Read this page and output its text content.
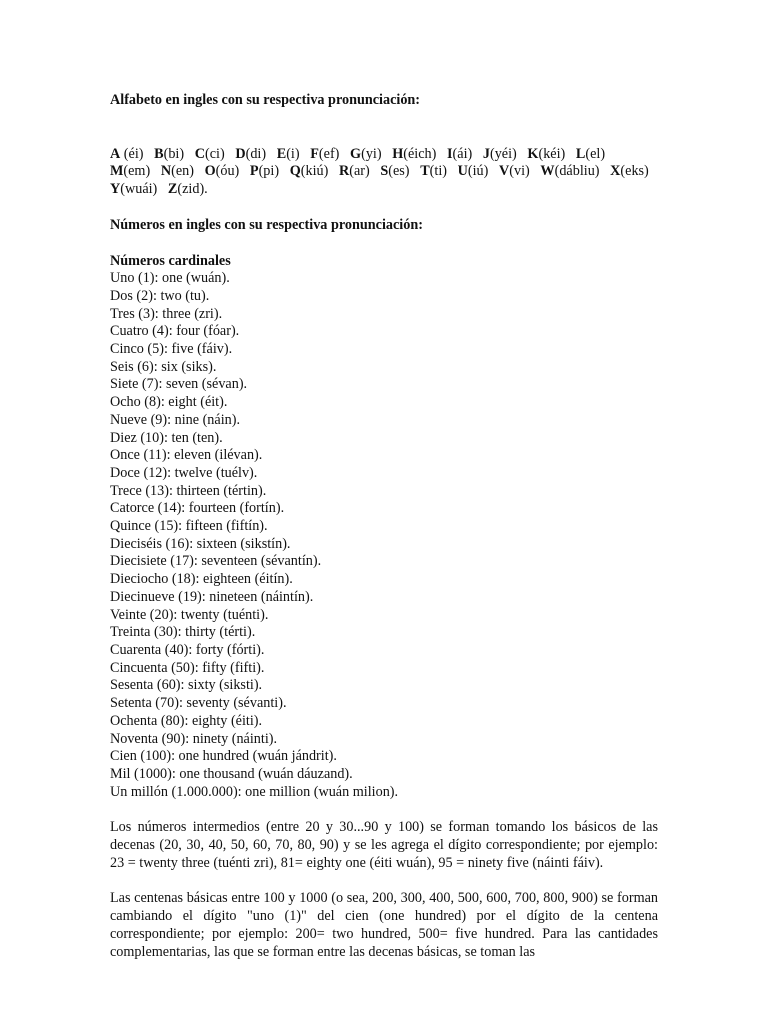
Alfabeto en ingles con su respectiva pronunciación:

A (éi) B(bi) C(ci) D(di) E(i) F(ef) G(yi) H(éich) I(ái) J(yéi) K(kéi) L(el)   M(em) N(en) O(óu) P(pi) Q(kiú) R(ar) S(es) T(ti) U(iú) V(vi) W(dábliu) X(eks)   Y(wuái) Z(zid).

Números en ingles con su respectiva pronunciación:

Números cardinales

Uno (1): one (wuán).
Dos (2): two (tu).
Tres (3): three (zri).
Cuatro (4): four (fóar).
Cinco (5): five (fáiv).
Seis (6): six (siks).
Siete (7): seven (sévan).
Ocho (8): eight (éit).
Nueve (9): nine (náin).
Diez (10): ten (ten).
Once (11): eleven (ilévan).
Doce (12): twelve (tuélv).
Trece (13): thirteen (tértin).
Catorce (14): fourteen (fortín).
Quince (15): fifteen (fiftín).
Dieciséis (16): sixteen (sikstín).
Diecisiete (17): seventeen (sévantín).
Dieciocho (18): eighteen (éitín).
Diecinueve (19): nineteen (náintín).
Veinte (20): twenty (tuénti).
Treinta (30): thirty (térti).
Cuarenta (40): forty (fórti).
Cincuenta (50): fifty (fifti).
Sesenta (60): sixty (siksti).
Setenta (70): seventy (sévanti).
Ochenta (80): eighty (éiti).
Noventa (90): ninety (náinti).
Cien (100): one hundred (wuán jándrit).
Mil (1000): one thousand (wuán dáuzand).
Un millón (1.000.000): one million (wuán milion).

Los números intermedios (entre 20 y 30...90 y 100) se forman tomando los básicos de las decenas (20, 30, 40, 50, 60, 70, 80, 90) y se les agrega el dígito correspondiente; por ejemplo: 23 = twenty three (tuénti zri), 81= eighty one (éiti wuán), 95 = ninety five (náinti fáiv).

Las centenas básicas entre 100 y 1000 (o sea, 200, 300, 400, 500, 600, 700, 800, 900) se forman cambiando el dígito "uno (1)" del cien (one hundred) por el dígito de la centena correspondiente; por ejemplo: 200= two hundred, 500= five hundred. Para las cantidades complementarias, las que se forman entre las decenas básicas, se toman las
